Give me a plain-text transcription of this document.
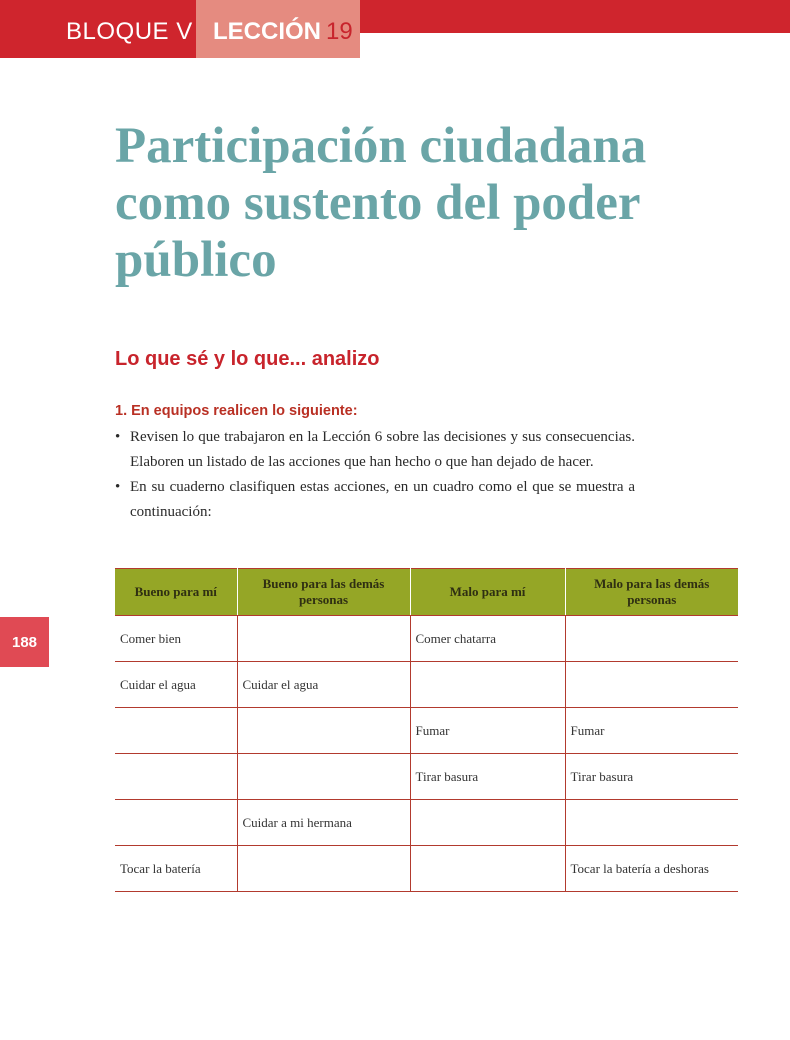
BLOQUE V LECCIÓN 19
Participación ciudadana como sustento del poder público
Lo que sé y lo que... analizo

1. En equipos realicen lo siguiente:

• Revisen lo que trabajaron en la Lección 6 sobre las decisiones y sus consecuencias. Elaboren un listado de las acciones que han hecho o que han dejado de hacer.
• En su cuaderno clasifiquen estas acciones, en un cuadro como el que se muestra a continuación:
188
Bueno para mí	Bueno para las demás personas	Malo para mí	Malo para las demás personas
Comer bien		Comer chatarra	
Cuidar el agua	Cuidar el agua		
		Fumar	Fumar
		Tirar basura	Tirar basura
	Cuidar a mi hermana		
Tocar la batería			Tocar la batería a deshoras
